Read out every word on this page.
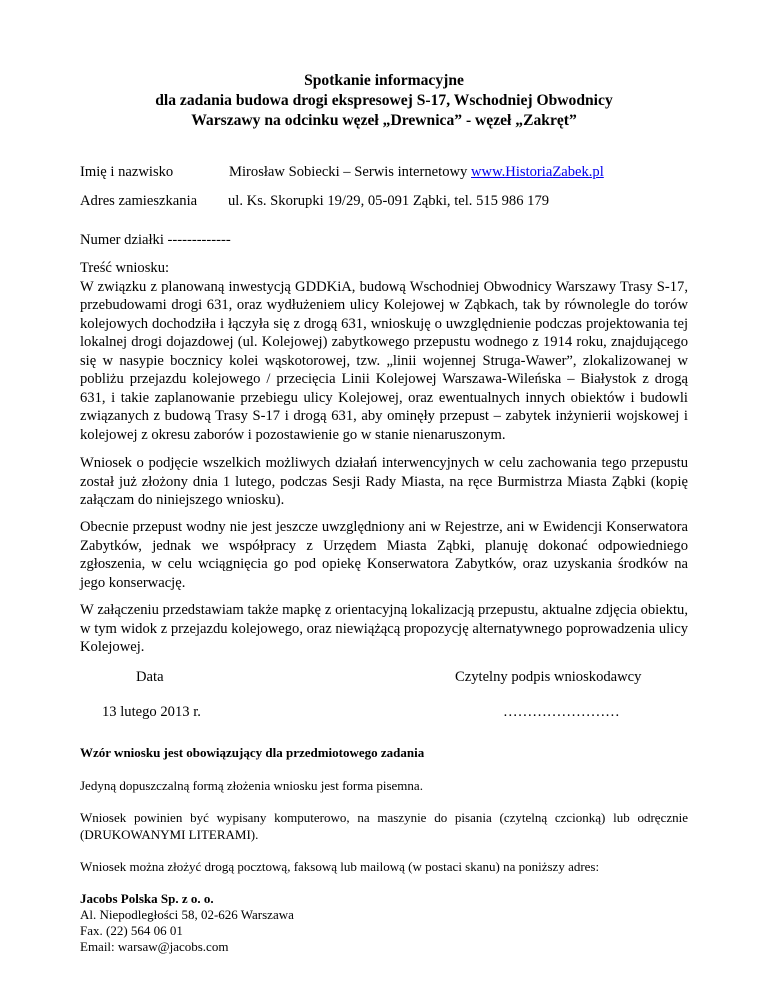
Spotkanie informacyjne
dla zadania budowa drogi ekspresowej S-17, Wschodniej Obwodnicy
Warszawy na odcinku węzeł „Drewnica” - węzeł „Zakręt”
Imię i nazwisko	Mirosław Sobiecki – Serwis internetowy www.HistoriaZabek.pl
Adres zamieszkania ul. Ks. Skorupki 19/29, 05-091 Ząbki, tel. 515 986 179
Numer działki -------------
Treść wniosku:
W związku z planowaną inwestycją GDDKiA, budową Wschodniej Obwodnicy Warszawy Trasy S-17, przebudowami drogi 631, oraz wydłużeniem ulicy Kolejowej w Ząbkach, tak by równolegle do torów kolejowych dochodziła i łączyła się z drogą 631, wnioskuję o uwzględnienie podczas projektowania tej lokalnej drogi dojazdowej (ul. Kolejowej) zabytkowego przepustu wodnego z 1914 roku, znajdującego się w nasypie bocznicy kolei wąskotorowej, tzw. „linii wojennej Struga-Wawer”, zlokalizowanej w pobliżu przejazdu kolejowego / przecięcia Linii Kolejowej Warszawa-Wileńska – Białystok z drogą 631, i takie zaplanowanie przebiegu ulicy Kolejowej, oraz ewentualnych innych obiektów i budowli związanych z budową Trasy S-17 i drogą 631, aby ominęły przepust – zabytek inżynierii wojskowej i kolejowej z okresu zaborów i pozostawienie go w stanie nienaruszonym.
Wniosek o podjęcie wszelkich możliwych działań interwencyjnych w celu zachowania tego przepustu został już złożony dnia 1 lutego, podczas Sesji Rady Miasta, na ręce Burmistrza Miasta Ząbki (kopię załączam do niniejszego wniosku).
Obecnie przepust wodny nie jest jeszcze uwzględniony ani w Rejestrze, ani w Ewidencji Konserwatora Zabytków, jednak we współpracy z Urzędem Miasta Ząbki, planuję dokonać odpowiedniego zgłoszenia, w celu wciągnięcia go pod opiekę Konserwatora Zabytków, oraz uzyskania środków na jego konserwację.
W załączeniu przedstawiam także mapkę z orientacyjną lokalizacją przepustu, aktualne zdjęcia obiektu, w tym widok z przejazdu kolejowego, oraz niewiążącą propozycję alternatywnego poprowadzenia ulicy Kolejowej.
Data	Czytelny podpis wnioskodawcy
13 lutego 2013 r.	……………………
Wzór wniosku jest obowiązujący dla przedmiotowego zadania
Jedyną dopuszczalną formą złożenia wniosku jest forma pisemna.
Wniosek powinien być wypisany komputerowo, na maszynie do pisania (czytelną czcionką) lub odręcznie (DRUKOWANYMI LITERAMI).
Wniosek można złożyć drogą pocztową, faksową lub mailową (w postaci skanu) na poniższy adres:
Jacobs Polska Sp. z o. o.
Al. Niepodległości 58, 02-626 Warszawa
Fax. (22) 564 06 01
Email: warsaw@jacobs.com
